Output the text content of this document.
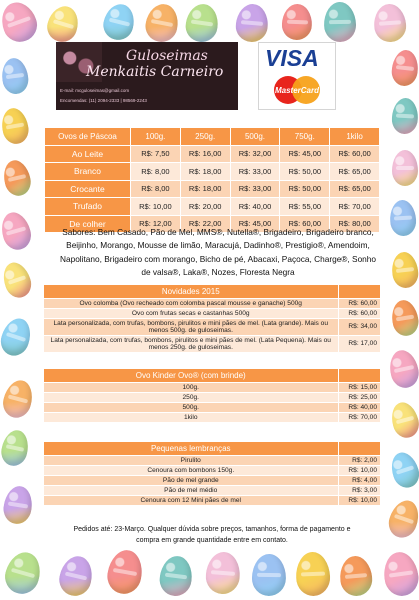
Guloseimas
Menkaitis Carneiro
E-mail: mcguloseimas@gmail.com
Encomendas: (11) 2094-2333 | 98569-2243
VISA
MasterCard
Ovos de Páscoa	100g.	250g.	500g.	750g.	1kilo
Ao Leite	R$: 7,50	R$: 16,00	R$: 32,00	R$: 45,00	R$: 60,00
Branco	R$: 8,00	R$: 18,00	R$: 33,00	R$: 50,00	R$: 65,00
Crocante	R$: 8,00	R$: 18,00	R$: 33,00	R$: 50,00	R$: 65,00
Trufado	R$: 10,00	R$: 20,00	R$: 40,00	R$: 55,00	R$: 70,00
De colher	R$: 12,00	R$: 22,00	R$: 45,00	R$: 60,00	R$: 80,00
Sabores: Bem Casado, Pão de Mel, MMS®, Nutella®, Brigadeiro, Brigadeiro branco, Beijinho, Morango, Mousse de limão, Maracujá, Dadinho®, Prestigio®, Amendoim, Napolitano, Brigadeiro com morango, Bicho de pé, Abacaxi, Paçoca, Charge®, Sonho de valsa®, Laka®, Nozes, Floresta Negra
Novidades 2015	
Ovo colomba (Ovo recheado com colomba pascal mousse e ganache) 500g	R$: 60,00
Ovo com frutas secas e castanhas 500g	R$: 60,00
Lata personalizada, com trufas, bombons, pirulitos e mini pães de mel. (Lata grande). Mais ou menos 500g. de guloseimas.	R$: 34,00
Lata personalizada, com trufas, bombons, pirulitos e mini pães de mel. (Lata Pequena). Mais ou menos 250g. de guloseimas.	R$: 17,00
Ovo Kinder Ovo® (com brinde)	
100g.	R$: 15,00
250g.	R$: 25,00
500g.	R$: 40,00
1kilo	R$: 70,00
Pequenas lembranças	
Pirulito	R$: 2,00
Cenoura com bombons 150g.	R$: 10,00
Pão de mel grande	R$: 4,00
Pão de mel médio	R$: 3,00
Cenoura com 12 Mini pães de mel	R$: 10,00
Pedidos até: 23-Março. Qualquer dúvida sobre preços, tamanhos, forma de pagamento e compra em grande quantidade entre em contato.
